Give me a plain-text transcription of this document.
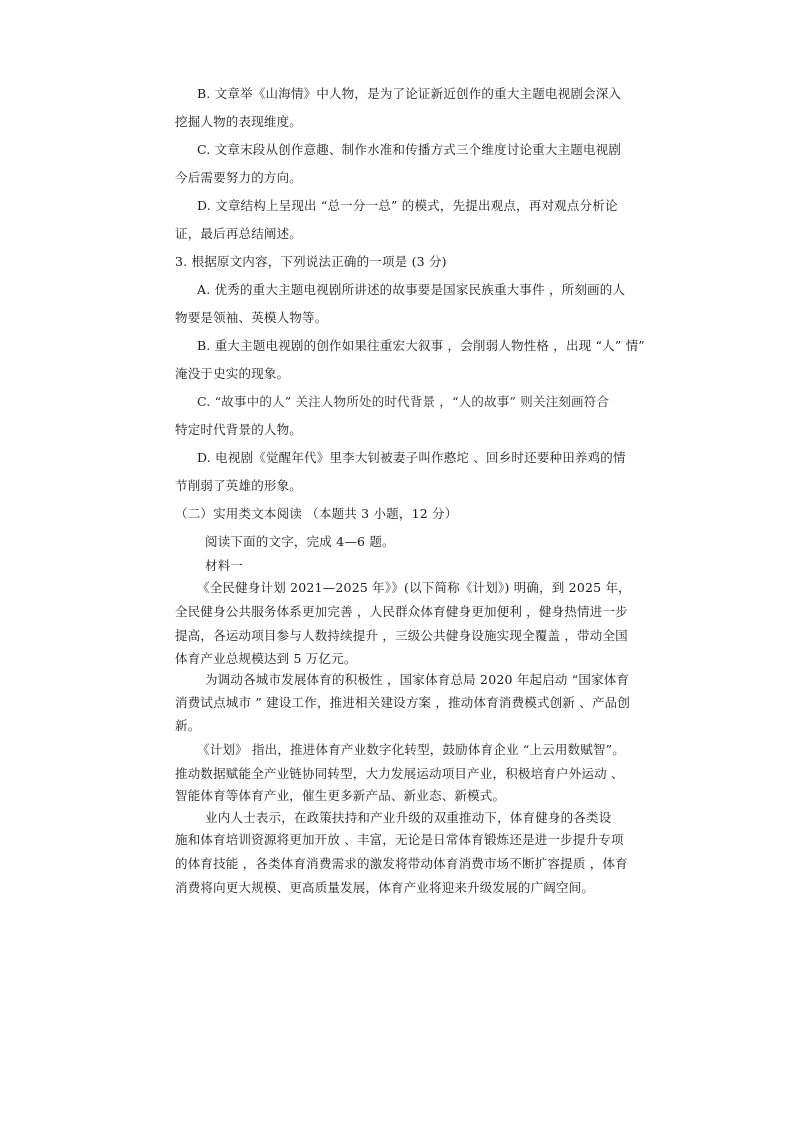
B. 文章举《山海情》中人物，是为了论证新近创作的重大主题电视剧会深入
挖掘人物的表现维度。
C. 文章末段从创作意趣、制作水准和传播方式三个维度讨论重大主题电视剧
今后需要努力的方向。
D. 文章结构上呈现出 “总一分一总” 的模式，先提出观点，再对观点分析论
证，最后再总结阐述。
3. 根据原文内容，下列说法正确的一项是 (3 分)
A. 优秀的重大主题电视剧所讲述的故事要是国家民族重大事件 ，所刻画的人
物要是领袖、英模人物等。
B. 重大主题电视剧的创作如果往重宏大叙事 ，会削弱人物性格 ，出现 “人” 情”
淹没于史实的现象。
C. “故事中的人” 关注人物所处的时代背景 ，“人的故事” 则关注刻画符合
特定时代背景的人物。
D. 电视剧《觉醒年代》里李大钊被妻子叫作憨坨 、回乡时还要种田养鸡的情
节削弱了英雄的形象。
（二）实用类文本阅读 （本题共 3 小题，12 分）
阅读下面的文字，完成 4—6 题。
材料一
《全民健身计划 2021—2025 年》》(以下简称《计划》) 明确，到 2025 年，
全民健身公共服务体系更加完善 ，人民群众体育健身更加便利 ，健身热情进一步
提高，各运动项目参与人数持续提升 ，三级公共健身设施实现全覆盖 ，带动全国
体育产业总规模达到 5 万亿元。
为调动各城市发展体育的积极性 ，国家体育总局 2020 年起启动 “国家体育
消费试点城市 ” 建设工作，推进相关建设方案 ，推动体育消费模式创新 、产品创
新。
《计划》 指出，推进体育产业数字化转型，鼓励体育企业 “上云用数赋智”。
推动数据赋能全产业链协同转型，大力发展运动项目产业，积极培育户外运动 、
智能体育等体育产业，催生更多新产品、新业态、新模式。
业内人士表示，在政策扶持和产业升级的双重推动下，体育健身的各类设
施和体育培训资源将更加开放 、丰富，无论是日常体育锻炼还是进一步提升专项
的体育技能 ，各类体育消费需求的激发将带动体育消费市场不断扩容提质 ，体育
消费将向更大规模、更高质量发展，体育产业将迎来升级发展的广阔空间。
